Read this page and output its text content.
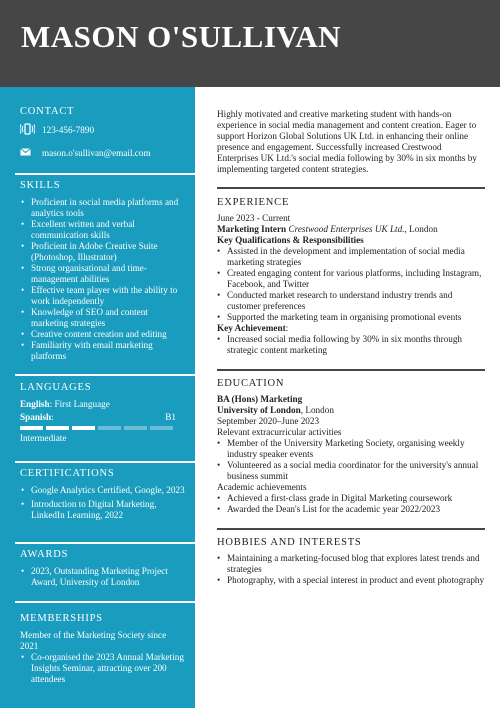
MASON O'SULLIVAN
CONTACT
123-456-7890
mason.o'sullivan@email.com
SKILLS
• Proficient in social media platforms and analytics tools
• Excellent written and verbal communication skills
• Proficient in Adobe Creative Suite (Photoshop, Illustrator)
• Strong organisational and time-management abilities
• Effective team player with the ability to work independently
• Knowledge of SEO and content marketing strategies
• Creative content creation and editing
• Familiarity with email marketing platforms
LANGUAGES
English: First Language
Spanish:	B1
Intermediate
CERTIFICATIONS
• Google Analytics Certified, Google, 2023
• Introduction to Digital Marketing, LinkedIn Learning, 2022
AWARDS
• 2023, Outstanding Marketing Project Award, University of London
MEMBERSHIPS
Member of the Marketing Society since 2021
• Co-organised the 2023 Annual Marketing Insights Seminar, attracting over 200 attendees
Highly motivated and creative marketing student with hands-on experience in social media management and content creation. Eager to support Horizon Global Solutions UK Ltd. in enhancing their online presence and engagement. Successfully increased Crestwood Enterprises UK Ltd.'s social media following by 30% in six months by implementing targeted content strategies.
EXPERIENCE
June 2023 - Current
Marketing Intern Crestwood Enterprises UK Ltd., London
Key Qualifications & Responsibilities
• Assisted in the development and implementation of social media marketing strategies
• Created engaging content for various platforms, including Instagram, Facebook, and Twitter
• Conducted market research to understand industry trends and customer preferences
• Supported the marketing team in organising promotional events
Key Achievement:
• Increased social media following by 30% in six months through strategic content marketing
EDUCATION
BA (Hons) Marketing
University of London, London
September 2020–June 2023
Relevant extracurricular activities
• Member of the University Marketing Society, organising weekly industry speaker events
• Volunteered as a social media coordinator for the university's annual business summit
Academic achievements
• Achieved a first-class grade in Digital Marketing coursework
• Awarded the Dean's List for the academic year 2022/2023
HOBBIES AND INTERESTS
• Maintaining a marketing-focused blog that explores latest trends and strategies
• Photography, with a special interest in product and event photography
